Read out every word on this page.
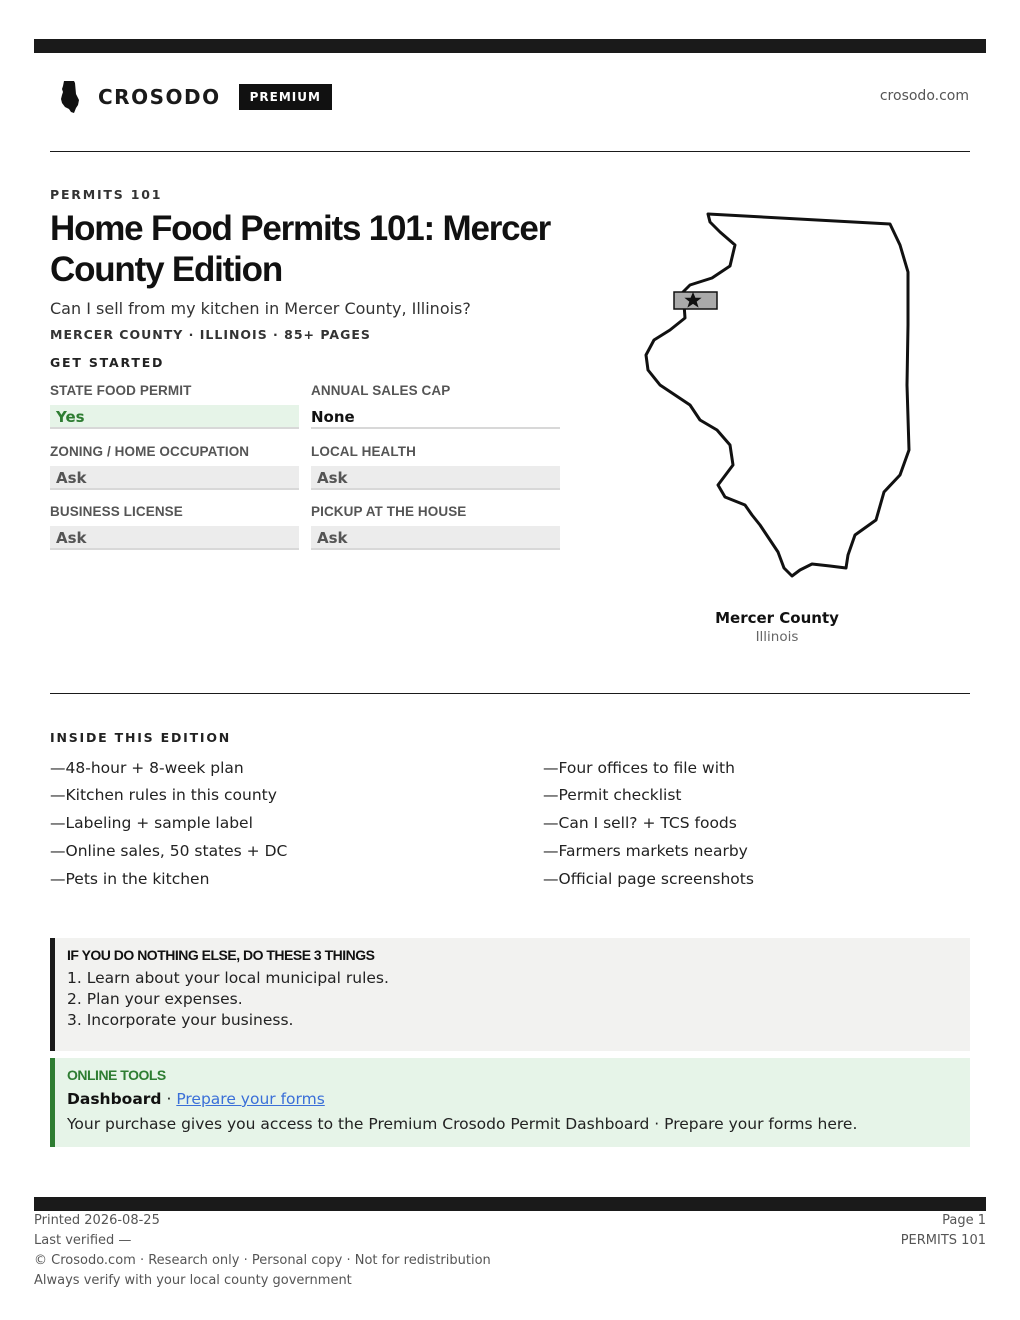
CROSODO	PREMIUM	crosodo.com
PERMITS 101
Home Food Permits 101: Mercer County Edition
Can I sell from my kitchen in Mercer County, Illinois?
MERCER COUNTY · ILLINOIS · 85+ PAGES
GET STARTED
STATE FOOD PERMIT
Yes
ANNUAL SALES CAP
None
ZONING / HOME OCCUPATION
Ask
LOCAL HEALTH
Ask
BUSINESS LICENSE
Ask
PICKUP AT THE HOUSE
Ask
Mercer County
Illinois
INSIDE THIS EDITION
—48-hour + 8-week plan
—Kitchen rules in this county
—Labeling + sample label
—Online sales, 50 states + DC
—Pets in the kitchen
—Four offices to file with
—Permit checklist
—Can I sell? + TCS foods
—Farmers markets nearby
—Official page screenshots
IF YOU DO NOTHING ELSE, DO THESE 3 THINGS
1. Learn about your local municipal rules.
2. Plan your expenses.
3. Incorporate your business.
ONLINE TOOLS
Dashboard · Prepare your forms
Your purchase gives you access to the Premium Crosodo Permit Dashboard · Prepare your forms here.
Printed 2026-08-25
Last verified —
© Crosodo.com · Research only · Personal copy · Not for redistribution
Always verify with your local county government
Page 1
PERMITS 101
